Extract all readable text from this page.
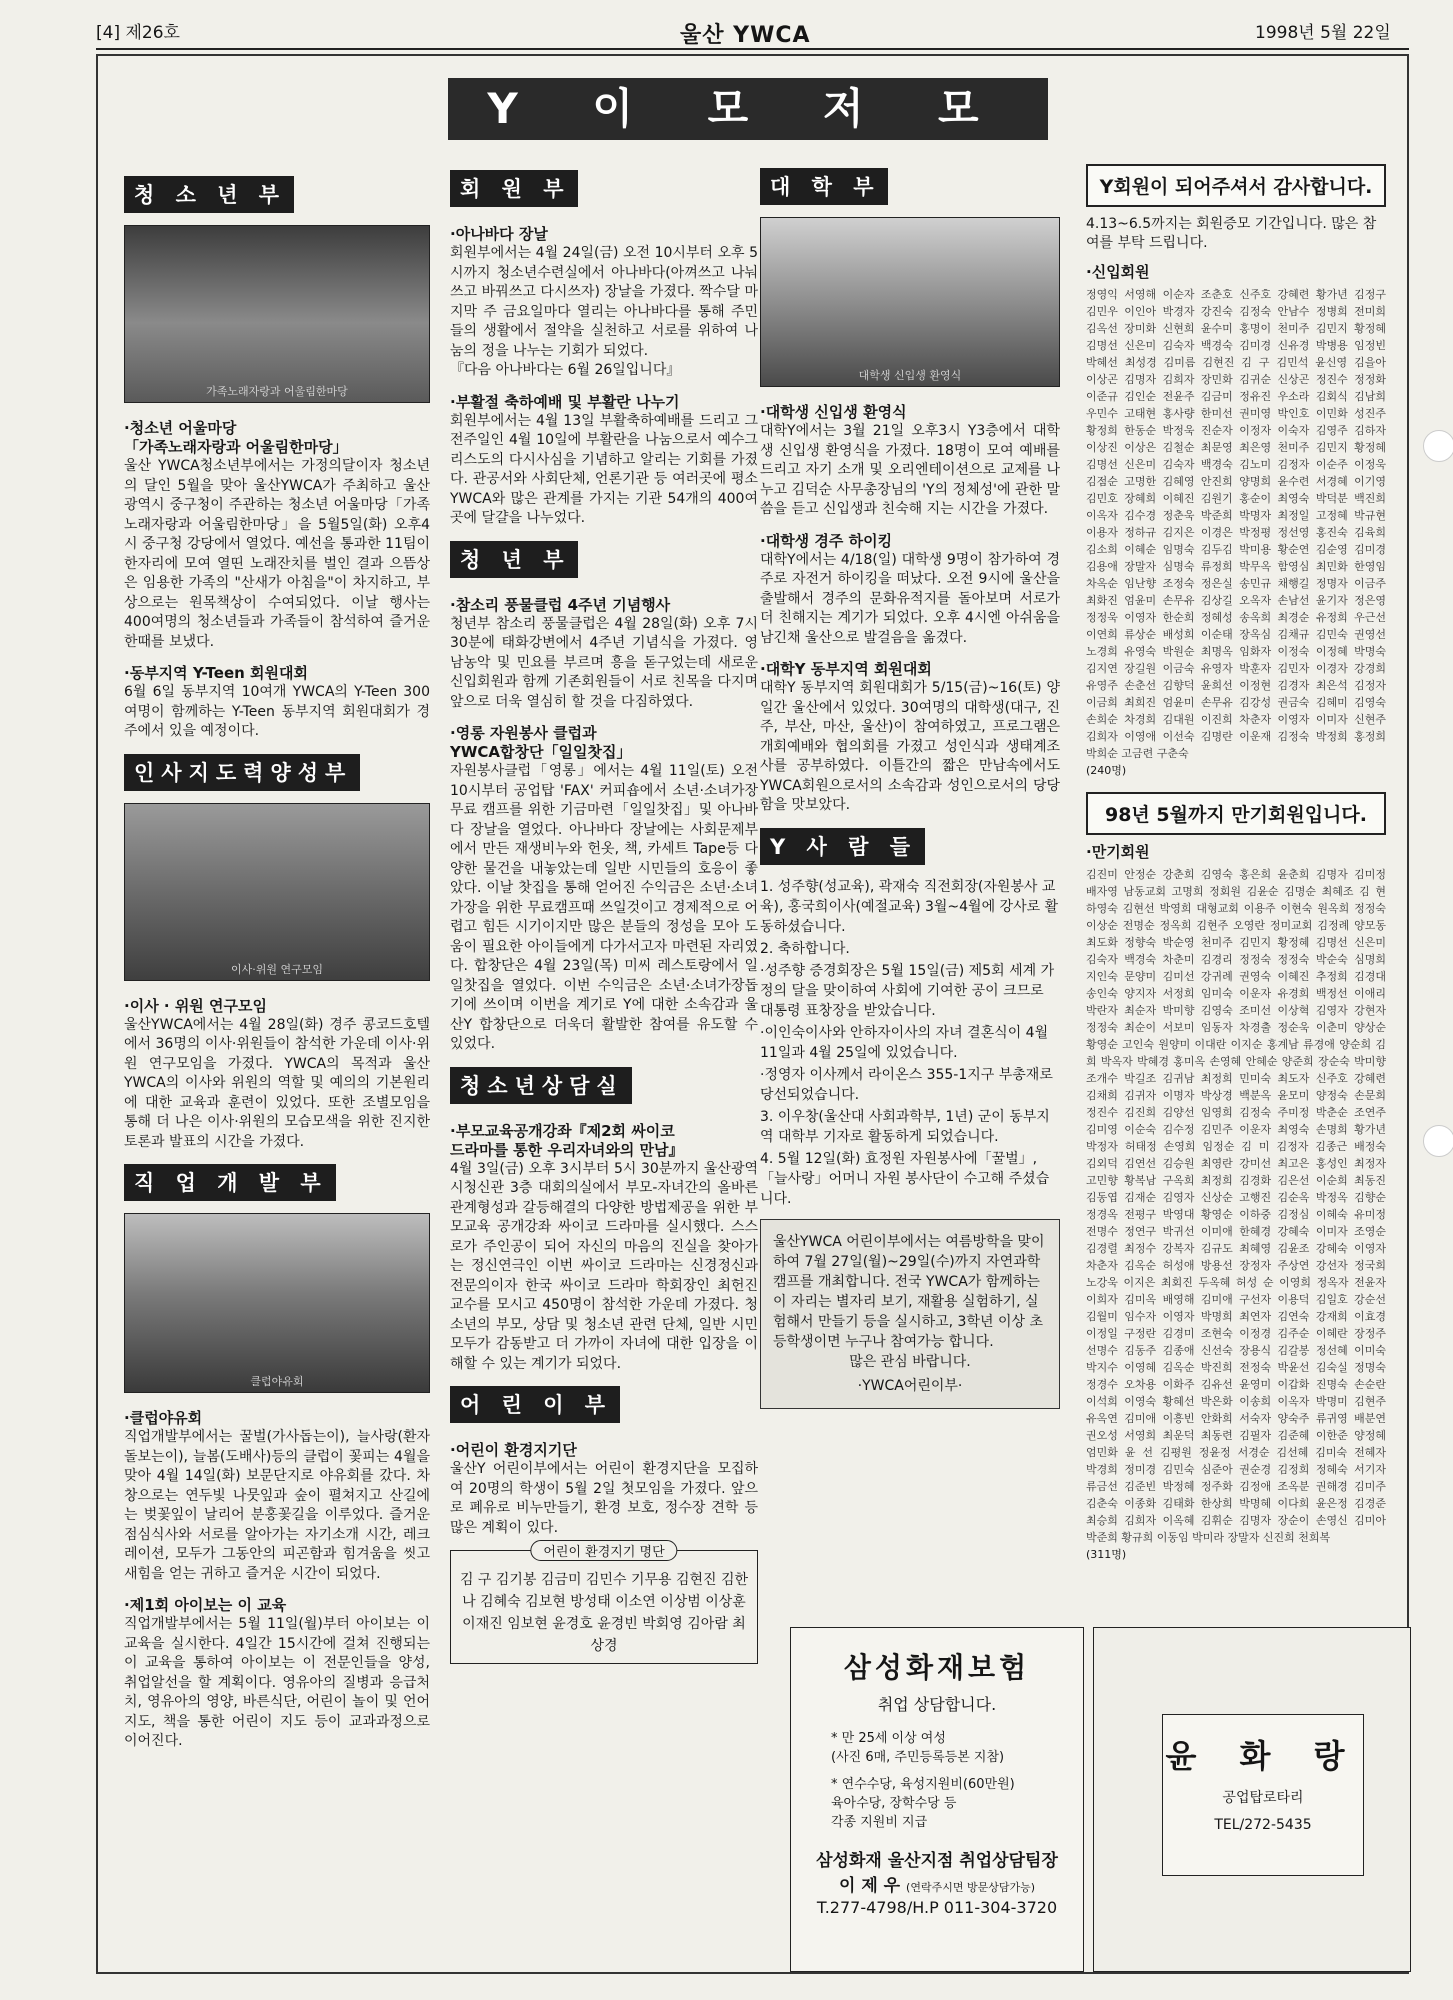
[4] 제26호	울산 YWCA	1998년 5월 22일
Y 이 모 저 모
청 소 년 부
가족노래자랑과 어울림한마당
·청소년 어울마당
「가족노래자랑과 어울림한마당」
울산 YWCA청소년부에서는 가정의달이자 청소년의 달인 5월을 맞아 울산YWCA가 주최하고 울산광역시 중구청이 주관하는 청소년 어울마당「가족노래자랑과 어울림한마당」을 5월5일(화) 오후4시 중구청 강당에서 열었다. 예선을 통과한 11팀이 한자리에 모여 열띤 노래잔치를 벌인 결과 으뜸상은 임용한 가족의 "산새가 아침을"이 차지하고, 부상으로는 원목책상이 수여되었다. 이날 행사는 400여명의 청소년들과 가족들이 참석하여 즐거운 한때를 보냈다.
·동부지역 Y-Teen 회원대회
6월 6일 동부지역 10여개 YWCA의 Y-Teen 300여명이 함께하는 Y-Teen 동부지역 회원대회가 경주에서 있을 예정이다.
인사지도력양성부
이사·위원 연구모임
·이사 · 위원 연구모임
울산YWCA에서는 4월 28일(화) 경주 콩코드호텔에서 36명의 이사·위원들이 참석한 가운데 이사·위원 연구모임을 가졌다. YWCA의 목적과 울산YWCA의 이사와 위원의 역할 및 예의의 기본원리에 대한 교육과 훈련이 있었다. 또한 조별모임을 통해 더 나은 이사·위원의 모습모색을 위한 진지한 토론과 발표의 시간을 가졌다.
직 업 개 발 부
클럽야유회
·클럽야유회
직업개발부에서는 꿀벌(가사돕는이), 늘사랑(환자돌보는이), 늘봄(도배사)등의 클럽이 꽃피는 4월을 맞아 4월 14일(화) 보문단지로 야유회를 갔다. 차창으로는 연두빛 나뭇잎과 숲이 펼쳐지고 산길에는 벚꽃잎이 날리어 분홍꽃길을 이루었다. 즐거운 점심식사와 서로를 알아가는 자기소개 시간, 레크레이션, 모두가 그동안의 피곤함과 힘겨움을 씻고 새힘을 얻는 귀하고 즐거운 시간이 되었다.
·제1회 아이보는 이 교육
직업개발부에서는 5월 11일(월)부터 아이보는 이 교육을 실시한다. 4일간 15시간에 걸쳐 진행되는 이 교육을 통하여 아이보는 이 전문인들을 양성, 취업알선을 할 계획이다. 영유아의 질병과 응급처치, 영유아의 영양, 바른식단, 어린이 놀이 및 언어지도, 책을 통한 어린이 지도 등이 교과과정으로 이어진다.
회 원 부
·아나바다 장날
회원부에서는 4월 24일(금) 오전 10시부터 오후 5시까지 청소년수련실에서 아나바다(아껴쓰고 나눠쓰고 바꿔쓰고 다시쓰자) 장날을 가졌다. 짝수달 마지막 주 금요일마다 열리는 아나바다를 통해 주민들의 생활에서 절약을 실천하고 서로를 위하여 나눔의 정을 나누는 기회가 되었다.
『다음 아나바다는 6월 26일입니다』
·부활절 축하예배 및 부활란 나누기
회원부에서는 4월 13일 부활축하예배를 드리고 그 전주일인 4월 10일에 부활란을 나눔으로서 예수그리스도의 다시사심을 기념하고 알리는 기회를 가졌다. 관공서와 사회단체, 언론기관 등 여러곳에 평소 YWCA와 많은 관계를 가지는 기관 54개의 400여곳에 달걀을 나누었다.
청 년 부
·참소리 풍물클럽 4주년 기념행사
청년부 참소리 풍물클럽은 4월 28일(화) 오후 7시30분에 태화강변에서 4주년 기념식을 가졌다. 영남농악 및 민요를 부르며 흥을 돋구었는데 새로운 신입회원과 함께 기존회원들이 서로 친목을 다지며 앞으로 더욱 열심히 할 것을 다짐하였다.
·영롱 자원봉사 클럽과
YWCA합창단「일일찻집」
자원봉사클럽「영롱」에서는 4월 11일(토) 오전 10시부터 공업탑 'FAX' 커피숍에서 소년·소녀가장 무료 캠프를 위한 기금마련「일일찻집」및 아나바다 장날을 열었다. 아나바다 장날에는 사회문제부에서 만든 재생비누와 헌옷, 책, 카세트 Tape등 다양한 물건을 내놓았는데 일반 시민들의 호응이 좋았다. 이날 찻집을 통해 얻어진 수익금은 소년·소녀 가장을 위한 무료캠프때 쓰일것이고 경제적으로 어렵고 힘든 시기이지만 많은 분들의 정성을 모아 도움이 필요한 아이들에게 다가서고자 마련된 자리였다. 합창단은 4월 23일(목) 미씨 레스토랑에서 일일찻집을 열었다. 이번 수익금은 소년·소녀가장돕기에 쓰이며 이번을 계기로 Y에 대한 소속감과 울산Y 합창단으로 더욱더 활발한 참여를 유도할 수 있었다.
청소년상담실
·부모교육공개강좌『제2회 싸이코
드라마를 통한 우리자녀와의 만남』
4월 3일(금) 오후 3시부터 5시 30분까지 울산광역시청신관 3층 대회의실에서 부모-자녀간의 올바른 관계형성과 갈등해결의 다양한 방법제공을 위한 부모교육 공개강좌 싸이코 드라마를 실시했다. 스스로가 주인공이 되어 자신의 마음의 진실을 찾아가는 정신연극인 이번 싸이코 드라마는 신경정신과 전문의이자 한국 싸이코 드라마 학회장인 최헌진 교수를 모시고 450명이 참석한 가운데 가졌다. 청소년의 부모, 상담 및 청소년 관련 단체, 일반 시민 모두가 감동받고 더 가까이 자녀에 대한 입장을 이해할 수 있는 계기가 되었다.
어 린 이 부
·어린이 환경지기단
울산Y 어린이부에서는 어린이 환경지단을 모집하여 20명의 학생이 5월 2일 첫모임을 가졌다. 앞으로 폐유로 비누만들기, 환경 보호, 정수장 견학 등 많은 계획이 있다.
어린이 환경지기 명단
김 구 김기봉 김금미 김민수 기무용 김현진 김한나 김혜숙 김보현 방성태 이소연 이상범 이상훈 이재진 임보현 윤경호 윤경빈 박회영 김아람 최상경
대 학 부
대학생 신입생 환영식
·대학생 신입생 환영식
대학Y에서는 3월 21일 오후3시 Y3층에서 대학생 신입생 환영식을 가졌다. 18명이 모여 예배를 드리고 자기 소개 및 오리엔테이션으로 교제를 나누고 김덕순 사무총장님의 'Y의 정체성'에 관한 말씀을 듣고 신입생과 친숙해 지는 시간을 가졌다.
·대학생 경주 하이킹
대학Y에서는 4/18(일) 대학생 9명이 참가하여 경주로 자전거 하이킹을 떠났다. 오전 9시에 울산을 출발해서 경주의 문화유적지를 돌아보며 서로가 더 친해지는 계기가 되었다. 오후 4시엔 아쉬움을 남긴채 울산으로 발걸음을 옮겼다.
·대학Y 동부지역 회원대회
대학Y 동부지역 회원대회가 5/15(금)~16(토) 양일간 울산에서 있었다. 30여명의 대학생(대구, 진주, 부산, 마산, 울산)이 참여하였고, 프로그램은 개회예배와 협의회를 가졌고 성인식과 생태계조사를 공부하였다. 이틀간의 짧은 만남속에서도 YWCA회원으로서의 소속감과 성인으로서의 당당함을 맛보았다.
Y 사 람 들
1. 성주향(성교육), 곽재숙 직전회장(자원봉사 교육), 홍국희이사(예절교육) 3월~4월에 강사로 활동하셨습니다.
2. 축하합니다.
·성주향 증경회장은 5월 15일(금) 제5회 세계 가정의 달을 맞이하여 사회에 기여한 공이 크므로 대통령 표창장을 받았습니다.
·이인숙이사와 안하자이사의 자녀 결혼식이 4월 11일과 4월 25일에 있었습니다.
·정영자 이사께서 라이온스 355-1지구 부총재로 당선되었습니다.
3. 이우창(울산대 사회과학부, 1년) 군이 동부지역 대학부 기자로 활동하게 되었습니다.
4. 5월 12일(화) 효정원 자원봉사에「꿀벌」,「늘사랑」어머니 자원 봉사단이 수고해 주셨습니다.
울산YWCA 어린이부에서는 여름방학을 맞이하여 7월 27일(월)~29일(수)까지 자연과학캠프를 개최합니다. 전국 YWCA가 함께하는 이 자리는 별자리 보기, 재활용 실험하기, 실험해서 만들기 등을 실시하고, 3학년 이상 초등학생이면 누구나 참여가능 합니다.
많은 관심 바랍니다.
·YWCA어린이부·
Y회원이 되어주셔서 감사합니다.
4.13~6.5까지는 회원증모 기간입니다. 많은 참여를 부탁 드립니다.
·신입회원
정영익 서영해 이순자 조춘호 신주호 강혜련 황가년 김정구 김민우 이인아 박경자 강진숙 김정숙 안남수 정병희 전미희 김옥선 장미화 신현희 윤수미 홍명이 천미주 김민지 황정혜 김명선 신은미 김숙자 백경숙 김미경 신유경 박병용 임정빈 박혜선 최성경 김미름 김현진 김 구 김민석 윤신영 김을아 이상곤 김명자 김희자 장민화 김귀순 신상곤 정진수 정정화 이준규 김인순 전윤주 김금미 정유진 우소라 김회식 김남희 우민수 고태현 홍사량 한미선 권미영 박인호 이민화 성진주 황정희 한동순 박정욱 진순자 이정자 이숙자 김영주 김하자 이상진 이상은 김철순 최문영 최은영 천미주 김민지 황정혜 김명선 신은미 김숙자 백경숙 김노미 김정자 이순주 이정욱 김점순 고명한 김혜영 안진희 양명희 윤수련 서경혜 이기영 김민호 장혜희 이혜진 김원기 홍순이 최영숙 박덕분 백진희 이옥자 김수경 정춘욱 박준희 박명자 최정일 고정혜 박규현 이용자 정하규 김지은 이경은 박정평 정선영 홍진숙 김육희 김소희 이혜순 임명숙 김두김 박미용 황순연 김순영 김미경 김용애 장말자 심명숙 류정희 박무옥 함영심 최민화 한영임 차옥순 임난향 조정숙 정은실 송민규 채행길 정명자 이금주 최화진 엄윤미 손무유 김상길 오옥자 손남선 윤기자 정은영 정정욱 이영자 한순희 정혜성 송옥희 최경순 유정희 우근선 이연희 류상순 배성희 이순태 장옥심 김채규 김민숙 권영선 노경희 유영숙 박원순 최명옥 임화자 이정숙 이정혜 박명숙 김지연 장길원 이금숙 유영자 박훈자 김민자 이경자 강경희 유영주 손춘선 김향덕 윤희선 이정현 김경자 최은석 김정자 이금희 최희진 엄윤미 손무유 김강성 권금숙 김혜미 김영숙 손희순 차경희 김대원 이진희 차춘자 이영자 이미자 신현주 김희자 이영애 이선숙 김명란 이운재 김정숙 박정희 홍정희 박희순 고금련 구춘숙
(240명)
98년 5월까지 만기회원입니다.
·만기회원
김진미 안정순 강춘희 김영숙 홍은희 윤춘희 김명자 김미정 배자영 남동교회 고명희 정회원 김윤순 김명순 최혜조 김 현 하영숙 김현선 박영희 대형교회 이용주 이현숙 원옥희 정정숙 이상순 전명순 정옥희 김현주 오영란 정미교회 김정례 양모동 최도화 정향숙 박순영 천미주 김민지 황정혜 김명선 신은미 김숙자 백경숙 차춘미 김경리 정정숙 정정숙 박순숙 심명희 지인숙 문양미 김미선 강귀례 권영숙 이혜진 추정희 김경대 송인숙 양지자 서정희 임미숙 이운자 유경희 백정선 이애리 박란자 최순자 박미향 김영숙 조미선 이상혁 김영자 강현자 정정숙 최순이 서보미 임동자 차경출 정순욱 이춘미 양상순 황영순 고인숙 원양미 이대란 이지순 홍계남 류경애 양순희 김 희 박옥자 박혜경 홍미옥 손영혜 안혜순 양준희 장순숙 박미향 조개수 박길조 김귀남 최정희 민미숙 최도자 신주호 강혜련 김채희 김귀자 이명자 박상경 백분옥 윤모미 양정숙 손문희 정진수 김진희 김양선 임영희 김정숙 주미정 박춘순 조연주 김미영 이순숙 김수정 김민주 이운자 최영숙 손명희 황가년 박정자 허태정 손영희 임정순 김 미 김정자 김종근 배정숙 김외덕 김연선 김승원 최영란 강미선 최고은 홍성인 최정자 고민향 황복남 구옥희 최정희 김경화 김은선 이순희 최동진 김동엽 김재순 김영자 신상순 고행진 김순옥 박정옥 김향순 정경옥 전평구 박영대 황영순 이하중 김정심 이혜숙 유미정 전명수 정연구 박귀선 이미애 한혜경 강혜숙 이미자 조영순 김경렬 최정수 강복자 김규도 최혜영 김윤조 강혜숙 이영자 차춘자 김옥순 허성애 방용선 장정자 주상연 강선자 정국희 노강욱 이지은 최회진 두옥혜 허성 순 이영희 정옥자 전윤자 이희자 김미옥 배영해 김미애 구선자 이용덕 김일호 강순선 김월미 임수자 이영자 박명희 최연자 김연숙 강재희 이효경 이정일 구정란 김경미 조현숙 이정경 김주순 이혜란 장정주 선명수 김동주 김종애 신선숙 장용식 김갈봉 정선혜 이미숙 박지수 이영혜 김옥순 박진희 전정숙 박윤선 김숙실 정명숙 정경수 오차용 이화주 김유선 윤영미 이갑화 진명숙 손순란 이석희 이영숙 황혜선 박은화 이송희 이옥자 박명미 김현주 유옥연 김미애 이흥빈 안화희 서숙자 양숙주 류귀영 배분연 권오성 서영희 최운덕 최동련 김필자 김준혜 이한준 양정혜 엄민화 윤 선 김평원 정윤정 서경순 김선혜 김미숙 전혜자 박경희 정미경 김민숙 심준아 권순경 김정희 정혜숙 서기자 류금선 김준빈 박정혜 정주화 김정애 조옥분 권해경 김미주 김춘숙 이종화 김태화 한상희 박명혜 이다희 윤은정 김경준 최승희 김희자 이옥혜 김휘순 김명자 장순이 손영신 김미아 박준희 황규희 이동임 박미라 장말자 신진희 천희복
(311명)
삼성화재보험
취업 상담합니다.
* 만 25세 이상 여성
(사진 6매, 주민등록등본 지참)
* 연수수당, 육성지원비(60만원)
육아수당, 장학수당 등
각종 지원비 지급
삼성화재 울산지점 취업상담팀장
이 제 우 (연락주시면 방문상담가능)
T.277-4798/H.P 011-304-3720
윤 화 랑
공업탑로타리
TEL/272-5435
